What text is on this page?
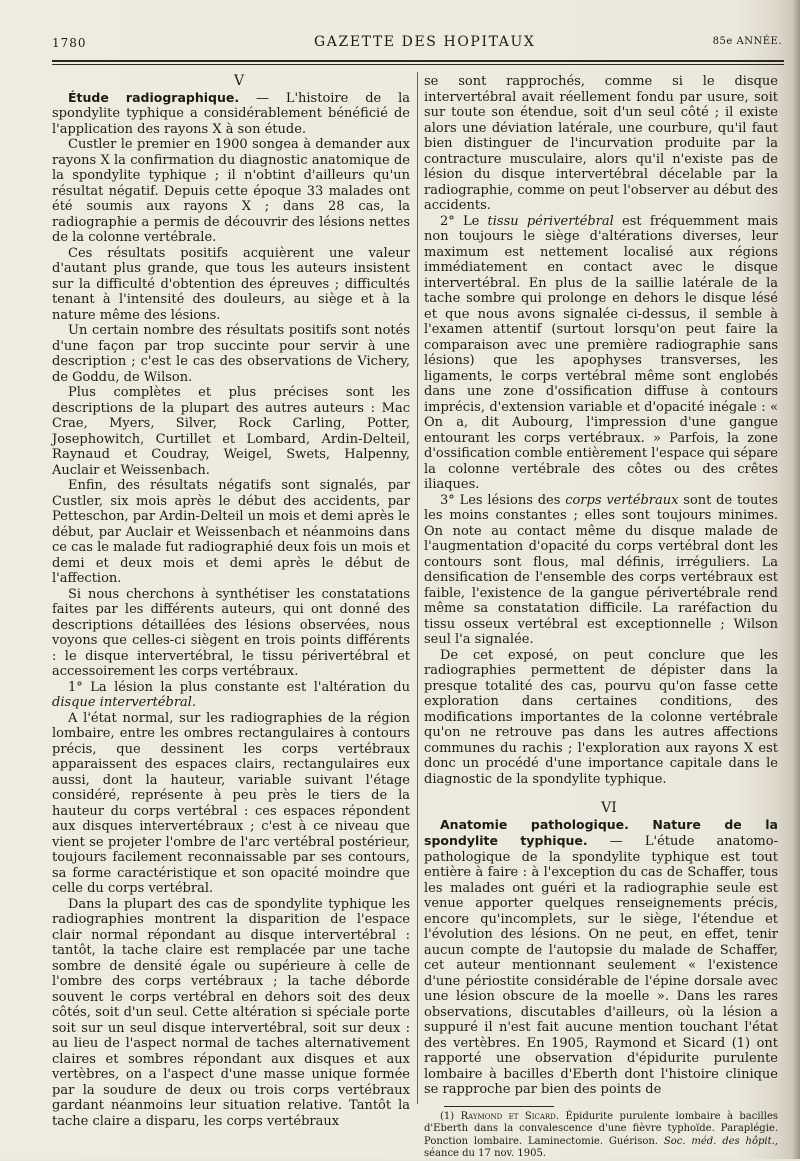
1780	GAZETTE DES HOPITAUX	85e ANNÉE.

V

Étude radiographique. — L'histoire de la spondylite typhique a considérablement bénéficié de l'application des rayons X à son étude.

Custler le premier en 1900 songea à demander aux rayons X la confirmation du diagnostic anatomique de la spondylite typhique ; il n'obtint d'ailleurs qu'un résultat négatif. Depuis cette époque 33 malades ont été soumis aux rayons X ; dans 28 cas, la radiographie a permis de découvrir des lésions nettes de la colonne vertébrale.

Ces résultats positifs acquièrent une valeur d'autant plus grande, que tous les auteurs insistent sur la difficulté d'obtention des épreuves ; difficultés tenant à l'intensité des douleurs, au siège et à la nature même des lésions.

Un certain nombre des résultats positifs sont notés d'une façon par trop succinte pour servir à une description ; c'est le cas des observations de Vichery, de Goddu, de Wilson.

Plus complètes et plus précises sont les descriptions de la plupart des autres auteurs : Mac Crae, Myers, Silver, Rock Carling, Potter, Josephowitch, Curtillet et Lombard, Ardin-Delteil, Raynaud et Coudray, Weigel, Swets, Halpenny, Auclair et Weissenbach.

Enfin, des résultats négatifs sont signalés, par Custler, six mois après le début des accidents, par Petteschon, par Ardin-Delteil un mois et demi après le début, par Auclair et Weissenbach et néanmoins dans ce cas le malade fut radiographié deux fois un mois et demi et deux mois et demi après le début de l'affection.

Si nous cherchons à synthétiser les constatations faites par les différents auteurs, qui ont donné des descriptions détaillées des lésions observées, nous voyons que celles-ci siègent en trois points différents : le disque intervertébral, le tissu périvertébral et accessoirement les corps vertébraux.

1° La lésion la plus constante est l'altération du disque intervertébral.

A l'état normal, sur les radiographies de la région lombaire, entre les ombres rectangulaires à contours précis, que dessinent les corps vertébraux apparaissent des espaces clairs, rectangulaires eux aussi, dont la hauteur, variable suivant l'étage considéré, représente à peu près le tiers de la hauteur du corps vertébral : ces espaces répondent aux disques intervertébraux ; c'est à ce niveau que vient se projeter l'ombre de l'arc vertébral postérieur, toujours facilement reconnaissable par ses contours, sa forme caractéristique et son opacité moindre que celle du corps vertébral.

Dans la plupart des cas de spondylite typhique les radiographies montrent la disparition de l'espace clair normal répondant au disque intervertébral : tantôt, la tache claire est remplacée par une tache sombre de densité égale ou supérieure à celle de l'ombre des corps vertébraux ; la tache déborde souvent le corps vertébral en dehors soit des deux côtés, soit d'un seul. Cette altération si spéciale porte soit sur un seul disque intervertébral, soit sur deux : au lieu de l'aspect normal de taches alternativement claires et sombres répondant aux disques et aux vertèbres, on a l'aspect d'une masse unique formée par la soudure de deux ou trois corps vertébraux gardant néanmoins leur situation relative. Tantôt la tache claire a disparu, les corps vertébraux

se sont rapprochés, comme si le disque intervertébral avait réellement fondu par usure, soit sur toute son étendue, soit d'un seul côté ; il existe alors une déviation latérale, une courbure, qu'il faut bien distinguer de l'incurvation produite par la contracture musculaire, alors qu'il n'existe pas de lésion du disque intervertébral décelable par la radiographie, comme on peut l'observer au début des accidents.

2° Le tissu périvertébral est fréquemment mais non toujours le siège d'altérations diverses, leur maximum est nettement localisé aux régions immédiatement en contact avec le disque intervertébral. En plus de la saillie latérale de la tache sombre qui prolonge en dehors le disque lésé et que nous avons signalée ci-dessus, il semble à l'examen attentif (surtout lorsqu'on peut faire la comparaison avec une première radiographie sans lésions) que les apophyses transverses, les ligaments, le corps vertébral même sont englobés dans une zone d'ossification diffuse à contours imprécis, d'extension variable et d'opacité inégale : « On a, dit Aubourg, l'impression d'une gangue entourant les corps vertébraux. » Parfois, la zone d'ossification comble entièrement l'espace qui sépare la colonne vertébrale des côtes ou des crêtes iliaques.

3° Les lésions des corps vertébraux sont de toutes les moins constantes ; elles sont toujours minimes. On note au contact même du disque malade de l'augmentation d'opacité du corps vertébral dont les contours sont flous, mal définis, irréguliers. La densification de l'ensemble des corps vertébraux est faible, l'existence de la gangue périvertébrale rend même sa constatation difficile. La raréfaction du tissu osseux vertébral est exceptionnelle ; Wilson seul l'a signalée.

De cet exposé, on peut conclure que les radiographies permettent de dépister dans la presque totalité des cas, pourvu qu'on fasse cette exploration dans certaines conditions, des modifications importantes de la colonne vertébrale qu'on ne retrouve pas dans les autres affections communes du rachis ; l'exploration aux rayons X est donc un procédé d'une importance capitale dans le diagnostic de la spondylite typhique.

VI

Anatomie pathologique. Nature de la spondylite typhique. — L'étude anatomo-pathologique de la spondylite typhique est tout entière à faire : à l'exception du cas de Schaffer, tous les malades ont guéri et la radiographie seule est venue apporter quelques renseignements précis, encore qu'incomplets, sur le siège, l'étendue et l'évolution des lésions. On ne peut, en effet, tenir aucun compte de l'autopsie du malade de Schaffer, cet auteur mentionnant seulement « l'existence d'une périostite considérable de l'épine dorsale avec une lésion obscure de la moelle ». Dans les rares observations, discutables d'ailleurs, où la lésion a suppuré il n'est fait aucune mention touchant l'état des vertèbres. En 1905, Raymond et Sicard (1) ont rapporté une observation d'épidurite purulente lombaire à bacilles d'Eberth dont l'histoire clinique se rapproche par bien des points de

(1) Raymond et Sicard. Épidurite purulente lombaire à bacilles d'Eberth dans la convalescence d'une fièvre typhoïde. Paraplégie. Ponction lombaire. Laminectomie. Guérison. Soc. méd. des hôpit., séance du 17 nov. 1905.
